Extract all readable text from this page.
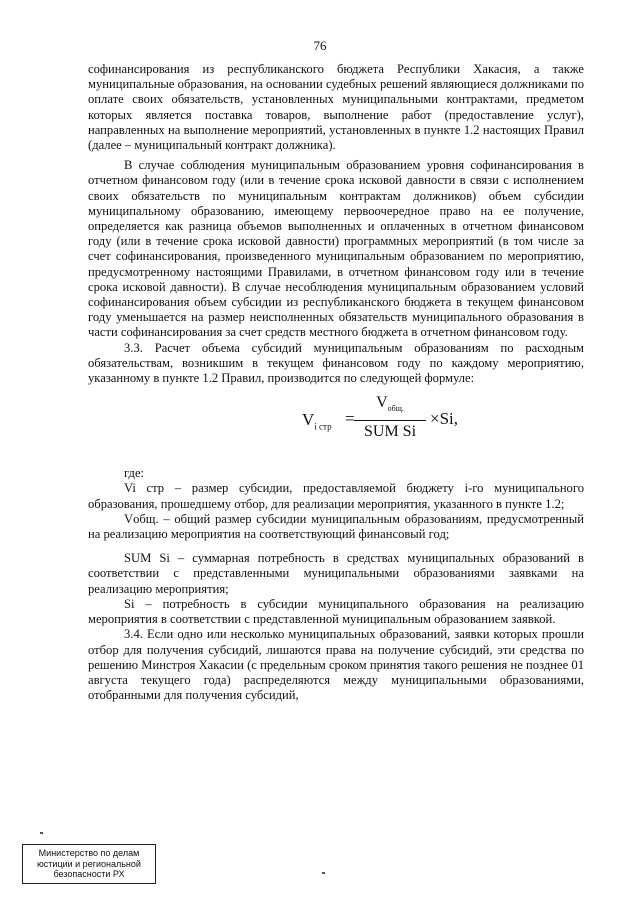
76

софинансирования из республиканского бюджета Республики Хакасия, а также муниципальные образования, на основании судебных решений являющиеся должниками по оплате своих обязательств, установленных муниципальными контрактами, предметом которых является поставка товаров, выполнение работ (предоставление услуг), направленных на выполнение мероприятий, установленных в пункте 1.2 настоящих Правил (далее – муниципальный контракт должника).

В случае соблюдения муниципальным образованием уровня софинансирования в отчетном финансовом году (или в течение срока исковой давности в связи с исполнением своих обязательств по муниципальным контрактам должников) объем субсидии муниципальному образованию, имеющему первоочередное право на ее получение, определяется как разница объемов выполненных и оплаченных в отчетном финансовом году (или в течение срока исковой давности) программных мероприятий (в том числе за счет софинансирования, произведенного муниципальным образованием по мероприятию, предусмотренному настоящими Правилами, в отчетном финансовом году или в течение срока исковой давности). В случае несоблюдения муниципальным образованием условий софинансирования объем субсидии из республиканского бюджета в текущем финансовом году уменьшается на размер неисполненных обязательств муниципального образования в части софинансирования за счет средств местного бюджета в отчетном финансовом году.

3.3. Расчет объема субсидий муниципальным образованиям по расходным обязательствам, возникшим в текущем финансовом году по каждому мероприятию, указанному в пункте 1.2 Правил, производится по следующей формуле:

$V_{i стр}$ =
$V_{общ.}$
SUM Si
×Si,

где:

Vi стр – размер субсидии, предоставляемой бюджету i-го муниципального образования, прошедшему отбор, для реализации мероприятия, указанного в пункте 1.2;

Vобщ. – общий размер субсидии муниципальным образованиям, предусмотренный на реализацию мероприятия на соответствующий финансовый год;

SUM Si – суммарная потребность в средствах муниципальных образований в соответствии с представленными муниципальными образованиями заявками на реализацию мероприятия;

Si – потребность в субсидии муниципального образования на реализацию мероприятия в соответствии с представленной муниципальным образованием заявкой.

3.4. Если одно или несколько муниципальных образований, заявки которых прошли отбор для получения субсидий, лишаются права на получение субсидий, эти средства по решению Минстроя Хакасии (с предельным сроком принятия такого решения не позднее 01 августа текущего года) распределяются между муниципальными образованиями, отобранными для получения субсидий,

Министерство по делам
юстиции и региональной
безопасности РХ
